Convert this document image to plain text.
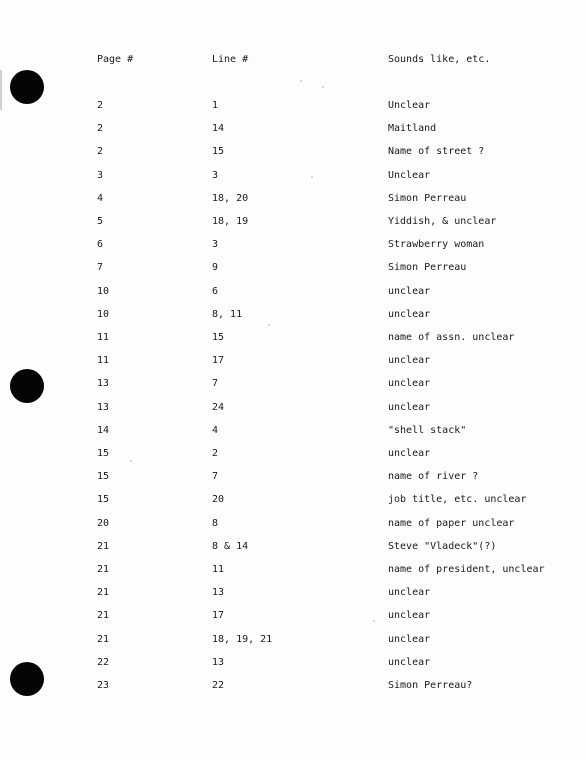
Page #	Line #	Sounds like, etc.
2	1	Unclear
2	14	Maitland
2	15	Name of street ?
3	3	Unclear
4	18, 20	Simon Perreau
5	18, 19	Yiddish, & unclear
6	3	Strawberry woman
7	9	Simon Perreau
10	6	unclear
10	8, 11	unclear
11	15	name of assn. unclear
11	17	unclear
13	7	unclear
13	24	unclear
14	4	"shell stack"
15	2	unclear
15	7	name of river ?
15	20	job title, etc. unclear
20	8	name of paper unclear
21	8 & 14	Steve "Vladeck"(?)
21	11	name of president, unclear
21	13	unclear
21	17	unclear
21	18, 19, 21	unclear
22	13	unclear
23	22	Simon Perreau?
